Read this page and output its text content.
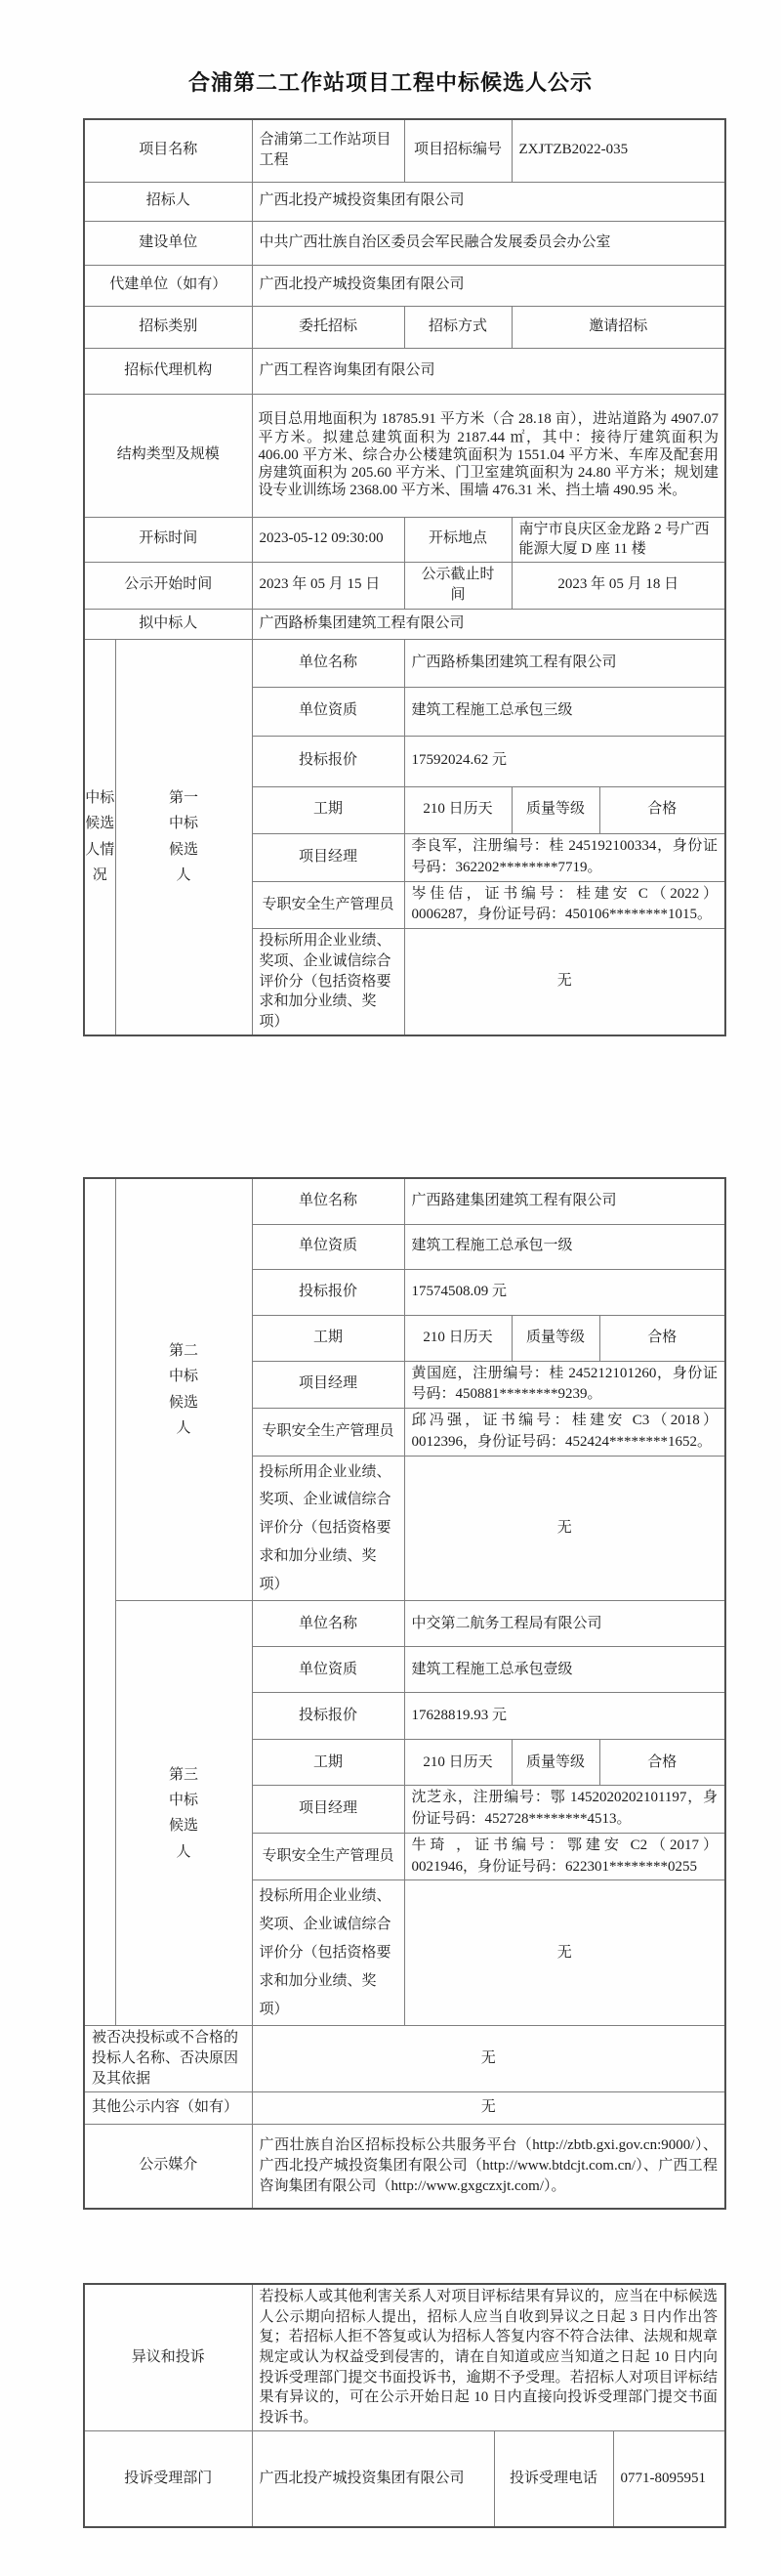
合浦第二工作站项目工程中标候选人公示
项目名称		合浦第二工作站项目工程	项目招标编号	ZXJTZB2022-035	
招标人		广西北投产城投资集团有限公司			
建设单位		中共广西壮族自治区委员会军民融合发展委员会办公室			
代建单位（如有）		广西北投产城投资集团有限公司			
招标类别		委托招标	招标方式	邀请招标	
招标代理机构		广西工程咨询集团有限公司			
结构类型及规模		项目总用地面积为 18785.91 平方米（合 28.18 亩），进站道路为 4907.07 平方米。拟建总建筑面积为 2187.44 ㎡，其中：接待厅建筑面积为 406.00 平方米、综合办公楼建筑面积为 1551.04 平方米、车库及配套用房建筑面积为 205.60 平方米、门卫室建筑面积为 24.80 平方米；规划建设专业训练场 2368.00 平方米、围墙 476.31 米、挡土墙 490.95 米。			
开标时间		2023-05-12 09:30:00	开标地点	南宁市良庆区金龙路 2 号广西能源大厦 D 座 11 楼	
公示开始时间		2023 年 05 月 15 日	公示截止时间	2023 年 05 月 18 日	
拟中标人		广西路桥集团建筑工程有限公司			
中标候选人情况	第一中标候选人	单位名称	广西路桥集团建筑工程有限公司		
		单位资质	建筑工程施工总承包三级		
		投标报价	17592024.62 元		
		工期	210 日历天	质量等级	合格
		项目经理	李良军，注册编号：桂 245192100334，身份证号码：362202********7719。		
		专职安全生产管理员	岑佳佶，证书编号：桂建安 C（2022）0006287，身份证号码：450106********1015。		
		投标所用企业业绩、奖项、企业诚信综合评价分（包括资格要求和加分业绩、奖项）	无		
	第二中标候选人	单位名称	广西路建集团建筑工程有限公司		
		单位资质	建筑工程施工总承包一级		
		投标报价	17574508.09 元		
		工期	210 日历天	质量等级	合格
		项目经理	黄国庭，注册编号：桂 245212101260，身份证号码：450881********9239。		
		专职安全生产管理员	邱冯强，证书编号：桂建安 C3（2018）0012396，身份证号码：452424********1652。		
		投标所用企业业绩、奖项、企业诚信综合评价分（包括资格要求和加分业绩、奖项）	无		
	第三中标候选人	单位名称	中交第二航务工程局有限公司		
		单位资质	建筑工程施工总承包壹级		
		投标报价	17628819.93 元		
		工期	210 日历天	质量等级	合格
		项目经理	沈芝永，注册编号：鄂 1452020202101197，身份证号码：452728********4513。		
		专职安全生产管理员	牛琦 ，证书编号：鄂建安 C2（2017）0021946，身份证号码：622301********0255		
		投标所用企业业绩、奖项、企业诚信综合评价分（包括资格要求和加分业绩、奖项）	无		
被否决投标或不合格的投标人名称、否决原因及其依据		无			
其他公示内容（如有）		无			
公示媒介		广西壮族自治区招标投标公共服务平台（http://zbtb.gxi.gov.cn:9000/）、广西北投产城投资集团有限公司（http://www.btdcjt.com.cn/）、广西工程咨询集团有限公司（http://www.gxgczxjt.com/）。			
异议和投诉	若投标人或其他利害关系人对项目评标结果有异议的，应当在中标候选人公示期向招标人提出，招标人应当自收到异议之日起 3 日内作出答复；若招标人拒不答复或认为招标人答复内容不符合法律、法规和规章规定或认为权益受到侵害的，请在自知道或应当知道之日起 10 日内向投诉受理部门提交书面投诉书，逾期不予受理。若招标人对项目评标结果有异议的，可在公示开始日起 10 日内直接向投诉受理部门提交书面投诉书。		
投诉受理部门	广西北投产城投资集团有限公司	投诉受理电话	0771-8095951
